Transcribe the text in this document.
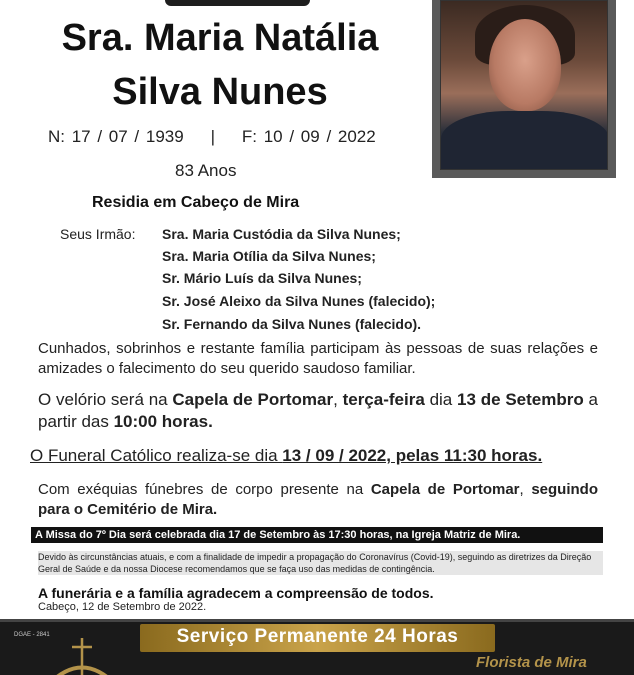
Sra. Maria Natália
Silva Nunes
N: 17 / 07 / 1939    |    F: 10 / 09 / 2022
83 Anos
Residia em Cabeço de Mira
Seus Irmão: Sra. Maria Custódia da Silva Nunes;
Sra. Maria Otília da Silva Nunes;
Sr. Mário Luís da Silva Nunes;
Sr. José Aleixo da Silva Nunes (falecido);
Sr. Fernando da Silva Nunes (falecido).
Cunhados, sobrinhos e restante família participam às pessoas de suas relações e amizades o falecimento do seu querido saudoso familiar.
O velório será na Capela de Portomar, terça-feira dia 13 de Setembro a partir das 10:00 horas.
O Funeral Católico realiza-se dia 13 / 09 / 2022, pelas 11:30 horas.
Com exéquias fúnebres de corpo presente na Capela de Portomar, seguindo para o Cemitério de Mira.
A Missa do 7º Dia será celebrada dia 17 de Setembro às 17:30 horas, na Igreja Matriz de Mira.
Devido às circunstâncias atuais, e com a finalidade de impedir a propagação do Coronavírus (Covid-19), seguindo as diretrizes da Direção Geral de Saúde e da nossa Diocese recomendamos que se faça uso das medidas de contingência.
A funerária e a família agradecem a compreensão de todos.
Cabeço, 12 de Setembro de 2022.
DGAE - 2841	Serviço Permanente 24 Horas
Florista de Mira
